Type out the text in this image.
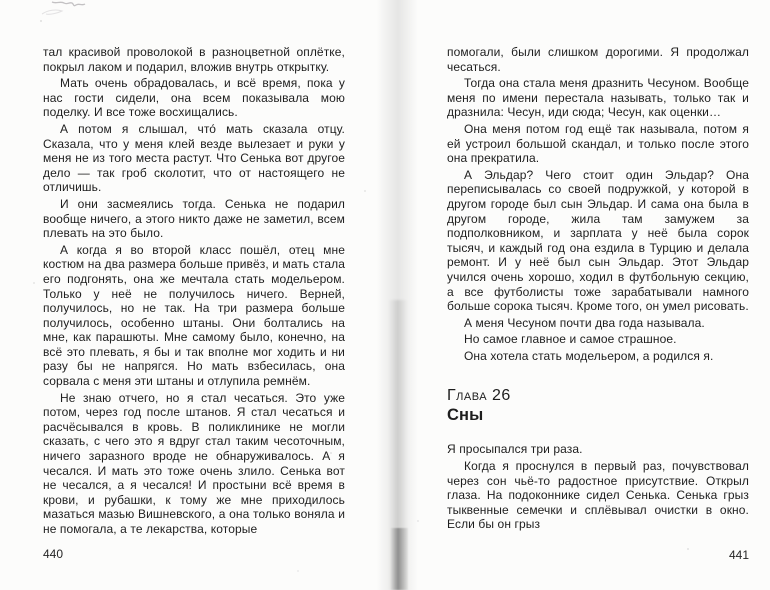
тал красивой проволокой в разноцветной оплётке, покрыл лаком и подарил, вложив внутрь открытку.

Мать очень обрадовалась, и всё время, пока у нас гости сидели, она всем показывала мою поделку. И все тоже восхищались.

А потом я слышал, что́ мать сказала отцу. Сказала, что у меня клей везде вылезает и руки у меня не из того места растут. Что Сенька вот другое дело — так гроб сколотит, что от настоящего не отличишь.

И они засмеялись тогда. Сенька не подарил вообще ничего, а этого никто даже не заметил, всем плевать на это было.

А когда я во второй класс пошёл, отец мне костюм на два размера больше привёз, и мать стала его подгонять, она же мечтала стать модельером. Только у неё не получилось ничего. Верней, получилось, но не так. На три размера больше получилось, особенно штаны. Они болтались на мне, как парашюты. Мне самому было, конечно, на всё это плевать, я бы и так вполне мог ходить и ни разу бы не напрягся. Но мать взбесилась, она сорвала с меня эти штаны и отлупила ремнём.

Не знаю отчего, но я стал чесаться. Это уже потом, через год после штанов. Я стал чесаться и расчёсывался в кровь. В поликлинике не могли сказать, с чего это я вдруг стал таким чесоточным, ничего заразного вроде не обнаруживалось. А я чесался. И мать это тоже очень злило. Сенька вот не чесался, а я чесался! И простыни всё время в крови, и рубашки, к тому же мне приходилось мазаться мазью Вишневского, а она только воняла и не помогала, а те лекарства, которые

440

помогали, были слишком дорогими. Я продолжал чесаться.

Тогда она стала меня дразнить Чесуном. Вообще меня по имени перестала называть, только так и дразнила: Чесун, иди сюда; Чесун, как оценки…

Она меня потом год ещё так называла, потом я ей устроил большой скандал, и только после этого она прекратила.

А Эльдар? Чего стоит один Эльдар? Она переписывалась со своей подружкой, у которой в другом городе был сын Эльдар. И сама она была в другом городе, жила там замужем за подполковником, и зарплата у неё была сорок тысяч, и каждый год она ездила в Турцию и делала ремонт. И у неё был сын Эльдар. Этот Эльдар учился очень хорошо, ходил в футбольную секцию, а все футболисты тоже зарабатывали намного больше сорока тысяч. Кроме того, он умел рисовать.

А меня Чесуном почти два года называла.

Но самое главное и самое страшное.

Она хотела стать модельером, а родился я.

Глава 26
Сны

Я просыпался три раза.

Когда я проснулся в первый раз, почувствовал через сон чьё-то радостное присутствие. Открыл глаза. На подоконнике сидел Сенька. Сенька грыз тыквенные семечки и сплёвывал очистки в окно. Если бы он грыз

441
